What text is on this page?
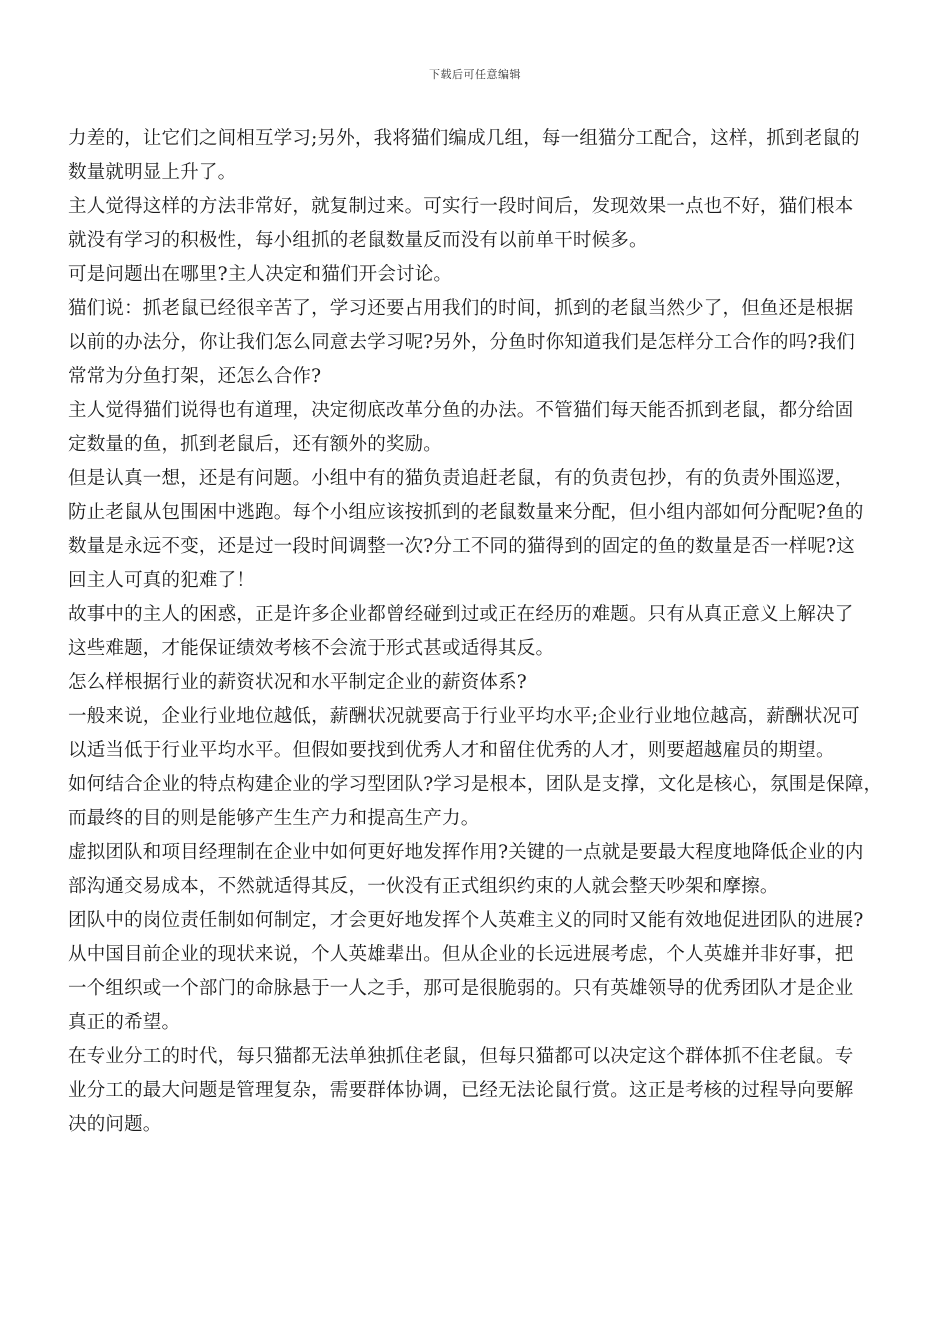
下载后可任意编辑
力差的，让它们之间相互学习;另外，我将猫们编成几组，每一组猫分工配合，这样，抓到老鼠的
数量就明显上升了。
主人觉得这样的方法非常好，就复制过来。可实行一段时间后，发现效果一点也不好，猫们根本
就没有学习的积极性，每小组抓的老鼠数量反而没有以前单干时候多。
可是问题出在哪里?主人决定和猫们开会讨论。
猫们说：抓老鼠已经很辛苦了，学习还要占用我们的时间，抓到的老鼠当然少了，但鱼还是根据
以前的办法分，你让我们怎么同意去学习呢?另外，分鱼时你知道我们是怎样分工合作的吗?我们
常常为分鱼打架，还怎么合作?
主人觉得猫们说得也有道理，决定彻底改革分鱼的办法。不管猫们每天能否抓到老鼠，都分给固
定数量的鱼，抓到老鼠后，还有额外的奖励。
但是认真一想，还是有问题。小组中有的猫负责追赶老鼠，有的负责包抄，有的负责外围巡逻，
防止老鼠从包围困中逃跑。每个小组应该按抓到的老鼠数量来分配，但小组内部如何分配呢?鱼的
数量是永远不变，还是过一段时间调整一次?分工不同的猫得到的固定的鱼的数量是否一样呢?这
回主人可真的犯难了！
故事中的主人的困惑，正是许多企业都曾经碰到过或正在经历的难题。只有从真正意义上解决了
这些难题，才能保证绩效考核不会流于形式甚或适得其反。
怎么样根据行业的薪资状况和水平制定企业的薪资体系?
一般来说，企业行业地位越低，薪酬状况就要高于行业平均水平;企业行业地位越高，薪酬状况可
以适当低于行业平均水平。但假如要找到优秀人才和留住优秀的人才，则要超越雇员的期望。
如何结合企业的特点构建企业的学习型团队?学习是根本，团队是支撑，文化是核心，氛围是保障，
而最终的目的则是能够产生生产力和提高生产力。
虚拟团队和项目经理制在企业中如何更好地发挥作用?关键的一点就是要最大程度地降低企业的内
部沟通交易成本，不然就适得其反，一伙没有正式组织约束的人就会整天吵架和摩擦。
团队中的岗位责任制如何制定，才会更好地发挥个人英难主义的同时又能有效地促进团队的进展?
从中国目前企业的现状来说，个人英雄辈出。但从企业的长远进展考虑，个人英雄并非好事，把
一个组织或一个部门的命脉悬于一人之手，那可是很脆弱的。只有英雄领导的优秀团队才是企业
真正的希望。
在专业分工的时代，每只猫都无法单独抓住老鼠，但每只猫都可以决定这个群体抓不住老鼠。专
业分工的最大问题是管理复杂，需要群体协调，已经无法论鼠行赏。这正是考核的过程导向要解
决的问题。
